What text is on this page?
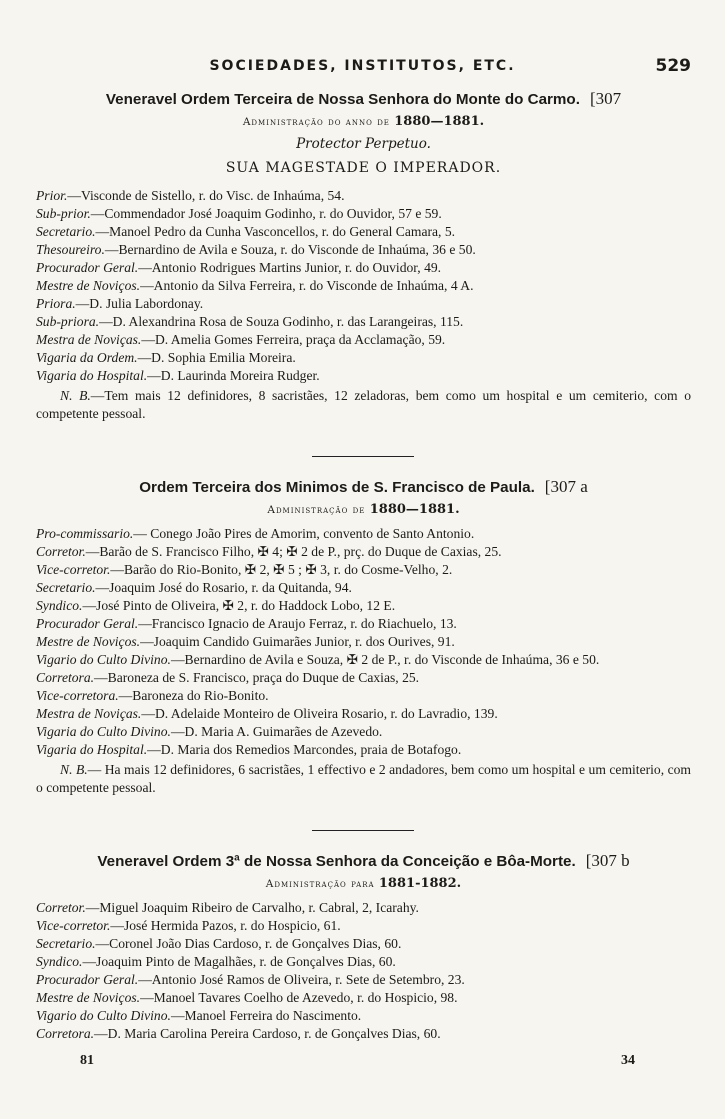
SOCIEDADES, INSTITUTOS, ETC.	529
Veneravel Ordem Terceira de Nossa Senhora do Monte do Carmo. [307
Administração do anno de 1880—1881.
Protector Perpetuo.
SUA MAGESTADE O IMPERADOR.
Prior.—Visconde de Sistello, r. do Visc. de Inhaúma, 54.
Sub-prior.—Commendador José Joaquim Godinho, r. do Ouvidor, 57 e 59.
Secretario.—Manoel Pedro da Cunha Vasconcellos, r. do General Camara, 5.
Thesoureiro.—Bernardino de Avila e Souza, r. do Visconde de Inhaúma, 36 e 50.
Procurador Geral.—Antonio Rodrigues Martins Junior, r. do Ouvidor, 49.
Mestre de Noviços.—Antonio da Silva Ferreira, r. do Visconde de Inhaúma, 4 A.
Priora.—D. Julia Labordonay.
Sub-priora.—D. Alexandrina Rosa de Souza Godinho, r. das Larangeiras, 115.
Mestra de Noviças.—D. Amelia Gomes Ferreira, praça da Acclamação, 59.
Vigaria da Ordem.—D. Sophia Emilia Moreira.
Vigaria do Hospital.—D. Laurinda Moreira Rudger.
N. B.—Tem mais 12 definidores, 8 sacristães, 12 zeladoras, bem como um hospital e um cemiterio, com o competente pessoal.
Ordem Terceira dos Minimos de S. Francisco de Paula. [307 a
Administração de 1880—1881.
Pro-commissario.— Conego João Pires de Amorim, convento de Santo Antonio.
Corretor.—Barão de S. Francisco Filho, ✠ 4; ✠ 2 de P., prç. do Duque de Caxias, 25.
Vice-corretor.—Barão do Rio-Bonito, ✠ 2, ✠ 5 ; ✠ 3, r. do Cosme-Velho, 2.
Secretario.—Joaquim José do Rosario, r. da Quitanda, 94.
Syndico.—José Pinto de Oliveira, ✠ 2, r. do Haddock Lobo, 12 E.
Procurador Geral.—Francisco Ignacio de Araujo Ferraz, r. do Riachuelo, 13.
Mestre de Noviços.—Joaquim Candido Guimarães Junior, r. dos Ourives, 91.
Vigario do Culto Divino.—Bernardino de Avila e Souza, ✠ 2 de P., r. do Visconde de Inhaúma, 36 e 50.
Corretora.—Baroneza de S. Francisco, praça do Duque de Caxias, 25.
Vice-corretora.—Baroneza do Rio-Bonito.
Mestra de Noviças.—D. Adelaide Monteiro de Oliveira Rosario, r. do Lavradio, 139.
Vigaria do Culto Divino.—D. Maria A. Guimarães de Azevedo.
Vigaria do Hospital.—D. Maria dos Remedios Marcondes, praia de Botafogo.
N. B.— Ha mais 12 definidores, 6 sacristães, 1 effectivo e 2 andadores, bem como um hospital e um cemiterio, com o competente pessoal.
Veneravel Ordem 3ª de Nossa Senhora da Conceição e Bôa-Morte. [307 b
Administração para 1881-1882.
Corretor.—Miguel Joaquim Ribeiro de Carvalho, r. Cabral, 2, Icarahy.
Vice-corretor.—José Hermida Pazos, r. do Hospicio, 61.
Secretario.—Coronel João Dias Cardoso, r. de Gonçalves Dias, 60.
Syndico.—Joaquim Pinto de Magalhães, r. de Gonçalves Dias, 60.
Procurador Geral.—Antonio José Ramos de Oliveira, r. Sete de Setembro, 23.
Mestre de Noviços.—Manoel Tavares Coelho de Azevedo, r. do Hospicio, 98.
Vigario do Culto Divino.—Manoel Ferreira do Nascimento.
Corretora.—D. Maria Carolina Pereira Cardoso, r. de Gonçalves Dias, 60.
81	34
